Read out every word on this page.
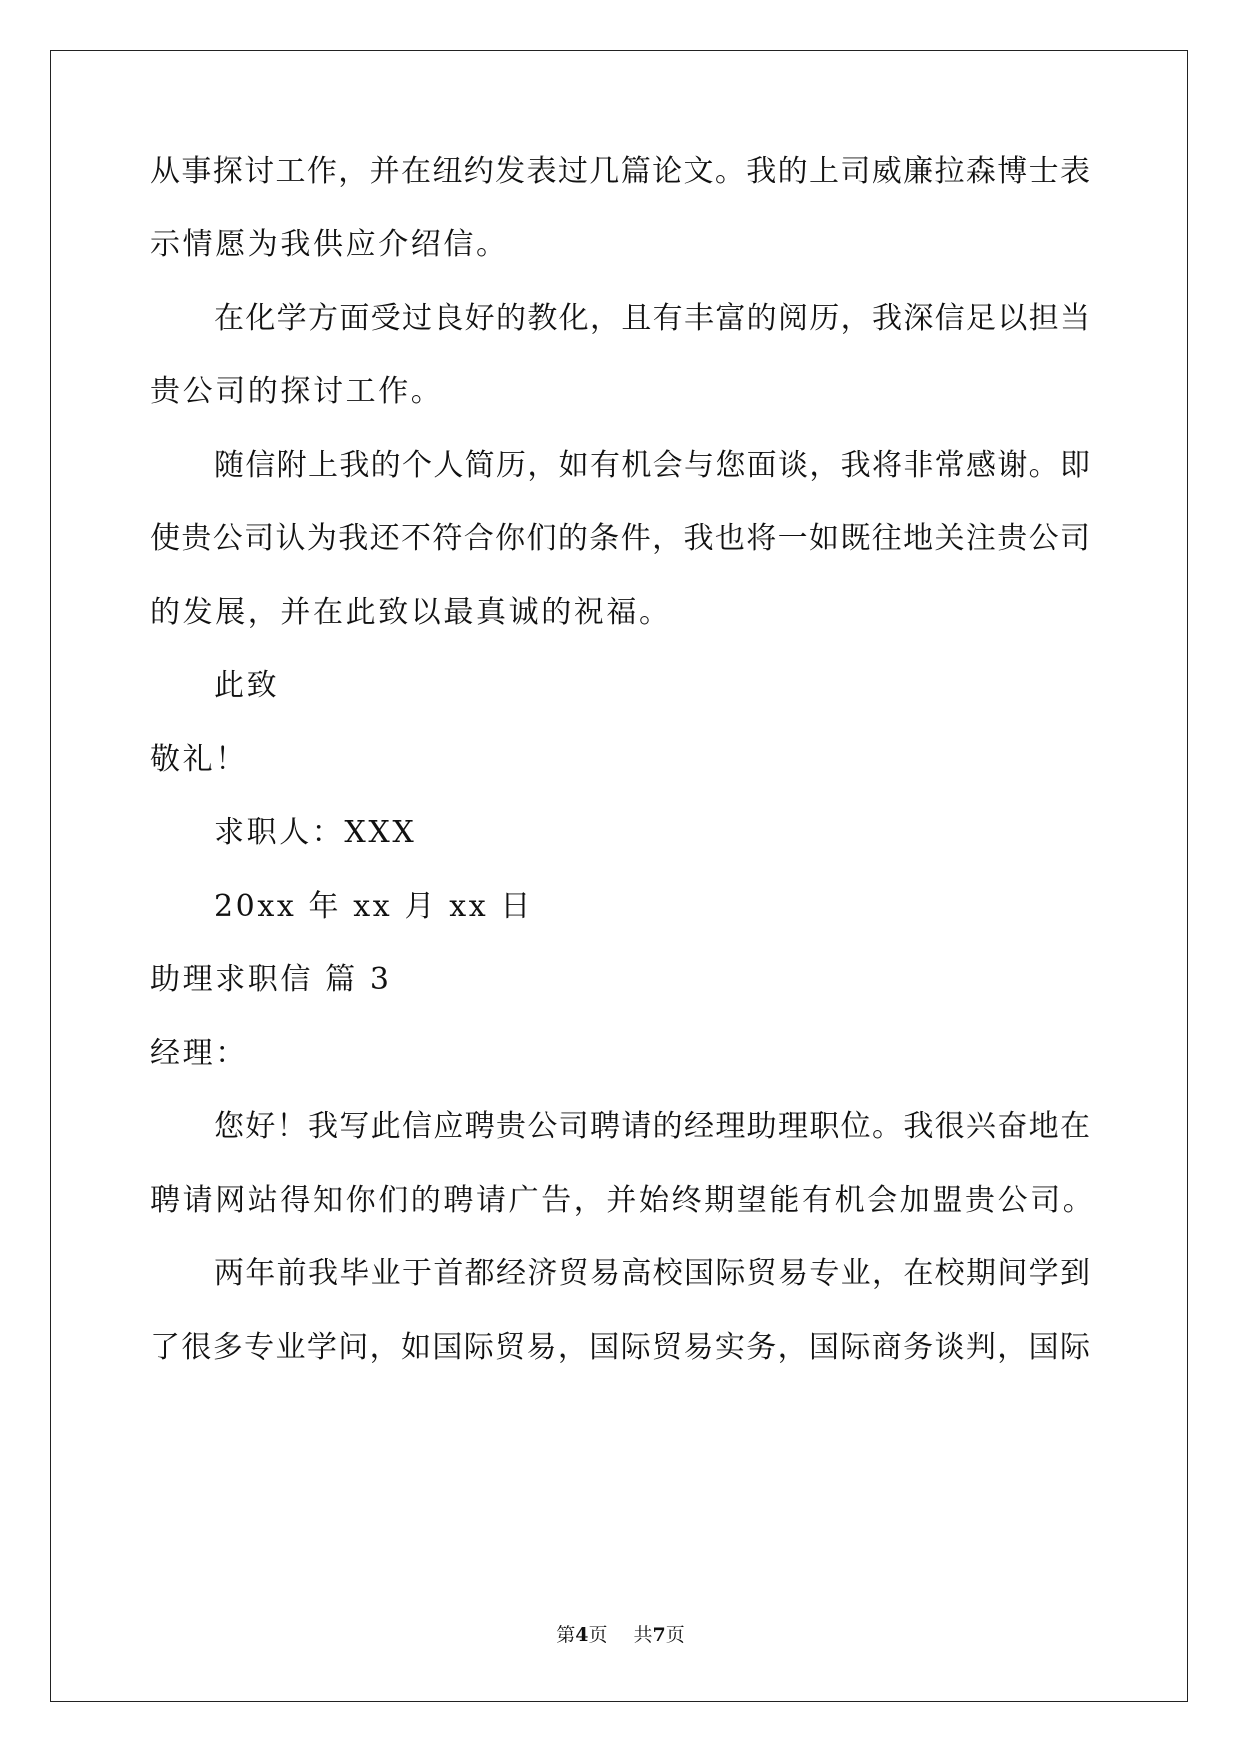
从事探讨工作，并在纽约发表过几篇论文。我的上司威廉拉森博士表
示情愿为我供应介绍信。
在化学方面受过良好的教化，且有丰富的阅历，我深信足以担当
贵公司的探讨工作。
随信附上我的个人简历，如有机会与您面谈，我将非常感谢。即
使贵公司认为我还不符合你们的条件，我也将一如既往地关注贵公司
的发展，并在此致以最真诚的祝福。
此致
敬礼！
求职人：XXX
20xx 年 xx 月 xx 日
助理求职信 篇 3
经理：
您好！我写此信应聘贵公司聘请的经理助理职位。我很兴奋地在
聘请网站得知你们的聘请广告，并始终期望能有机会加盟贵公司。
两年前我毕业于首都经济贸易高校国际贸易专业，在校期间学到
了很多专业学问，如国际贸易，国际贸易实务，国际商务谈判，国际
第4页 共7页
